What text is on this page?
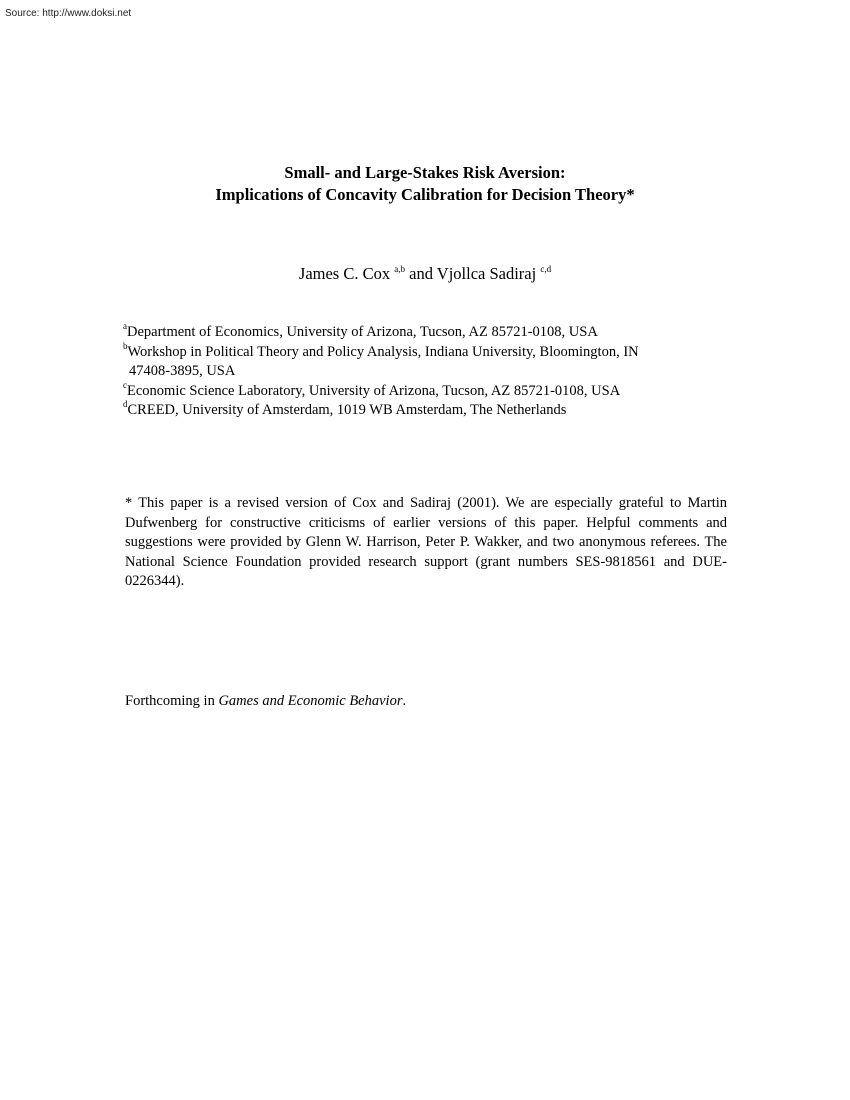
Source: http://www.doksi.net
Small- and Large-Stakes Risk Aversion:
Implications of Concavity Calibration for Decision Theory*
James C. Cox $^{a,b}$ and Vjollca Sadiraj $^{c,d}$
$^a$Department of Economics, University of Arizona, Tucson, AZ 85721-0108, USA
$^b$Workshop in Political Theory and Policy Analysis, Indiana University, Bloomington, IN
47408-3895, USA
$^c$Economic Science Laboratory, University of Arizona, Tucson, AZ 85721-0108, USA
$^d$CREED, University of Amsterdam, 1019 WB Amsterdam, The Netherlands
* This paper is a revised version of Cox and Sadiraj (2001). We are especially grateful to Martin Dufwenberg for constructive criticisms of earlier versions of this paper. Helpful comments and suggestions were provided by Glenn W. Harrison, Peter P. Wakker, and two anonymous referees. The National Science Foundation provided research support (grant numbers SES-9818561 and DUE-0226344).
Forthcoming in Games and Economic Behavior.
